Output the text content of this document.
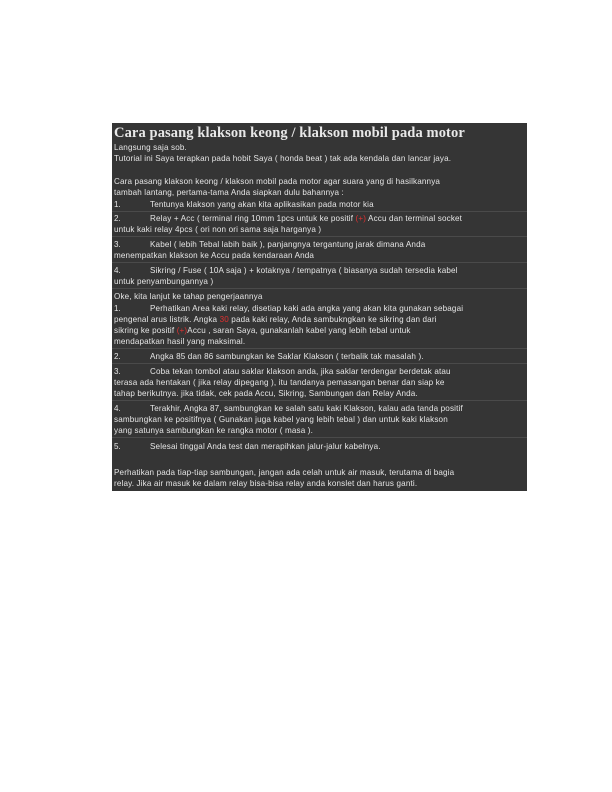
Cara pasang klakson keong / klakson mobil pada motor
Langsung saja sob.
Tutorial ini Saya terapkan pada hobit Saya ( honda beat ) tak ada kendala dan lancar jaya.
Cara pasang klakson keong / klakson mobil pada motor agar suara yang di hasilkannya
tambah lantang, pertama-tama Anda siapkan dulu bahannya :
1.	Tentunya klakson yang akan kita aplikasikan pada motor kia
2.	Relay + Acc ( terminal ring 10mm 1pcs untuk ke positif (+) Accu dan terminal socket
untuk kaki relay 4pcs ( ori non ori sama saja harganya )
3.	Kabel ( lebih Tebal labih baik ), panjangnya tergantung jarak dimana Anda
menempatkan klakson ke Accu pada kendaraan Anda
4.	Sikring / Fuse ( 10A saja ) + kotaknya / tempatnya ( biasanya sudah tersedia kabel
untuk penyambungannya )
Oke, kita lanjut ke tahap pengerjaannya
1.	Perhatikan Area kaki relay, disetiap kaki ada angka yang akan kita gunakan sebagai
pengenal arus listrik. Angka 30 pada kaki relay, Anda sambukngkan ke sikring dan dari
sikring ke positif (+)Accu , saran Saya, gunakanlah kabel yang lebih tebal untuk
mendapatkan hasil yang maksimal.
2.	Angka 85 dan 86 sambungkan ke Saklar Klakson ( terbalik tak masalah ).
3.	Coba tekan tombol atau saklar klakson anda, jika saklar terdengar berdetak atau
terasa ada hentakan ( jika relay dipegang ), itu tandanya pemasangan benar dan siap ke
tahap berikutnya. jika tidak, cek pada Accu, Sikring, Sambungan dan Relay Anda.
4.	Terakhir, Angka 87, sambungkan ke salah satu kaki Klakson, kalau ada tanda positif
sambungkan ke positifnya ( Gunakan juga kabel yang lebih tebal ) dan untuk kaki klakson
yang satunya sambungkan ke rangka motor ( masa ).
5.	Selesai tinggal Anda test dan merapihkan jalur-jalur kabelnya.
Perhatikan pada tiap-tiap sambungan, jangan ada celah untuk air masuk, terutama di bagia
relay. Jika air masuk ke dalam relay bisa-bisa relay anda konslet dan harus ganti.
